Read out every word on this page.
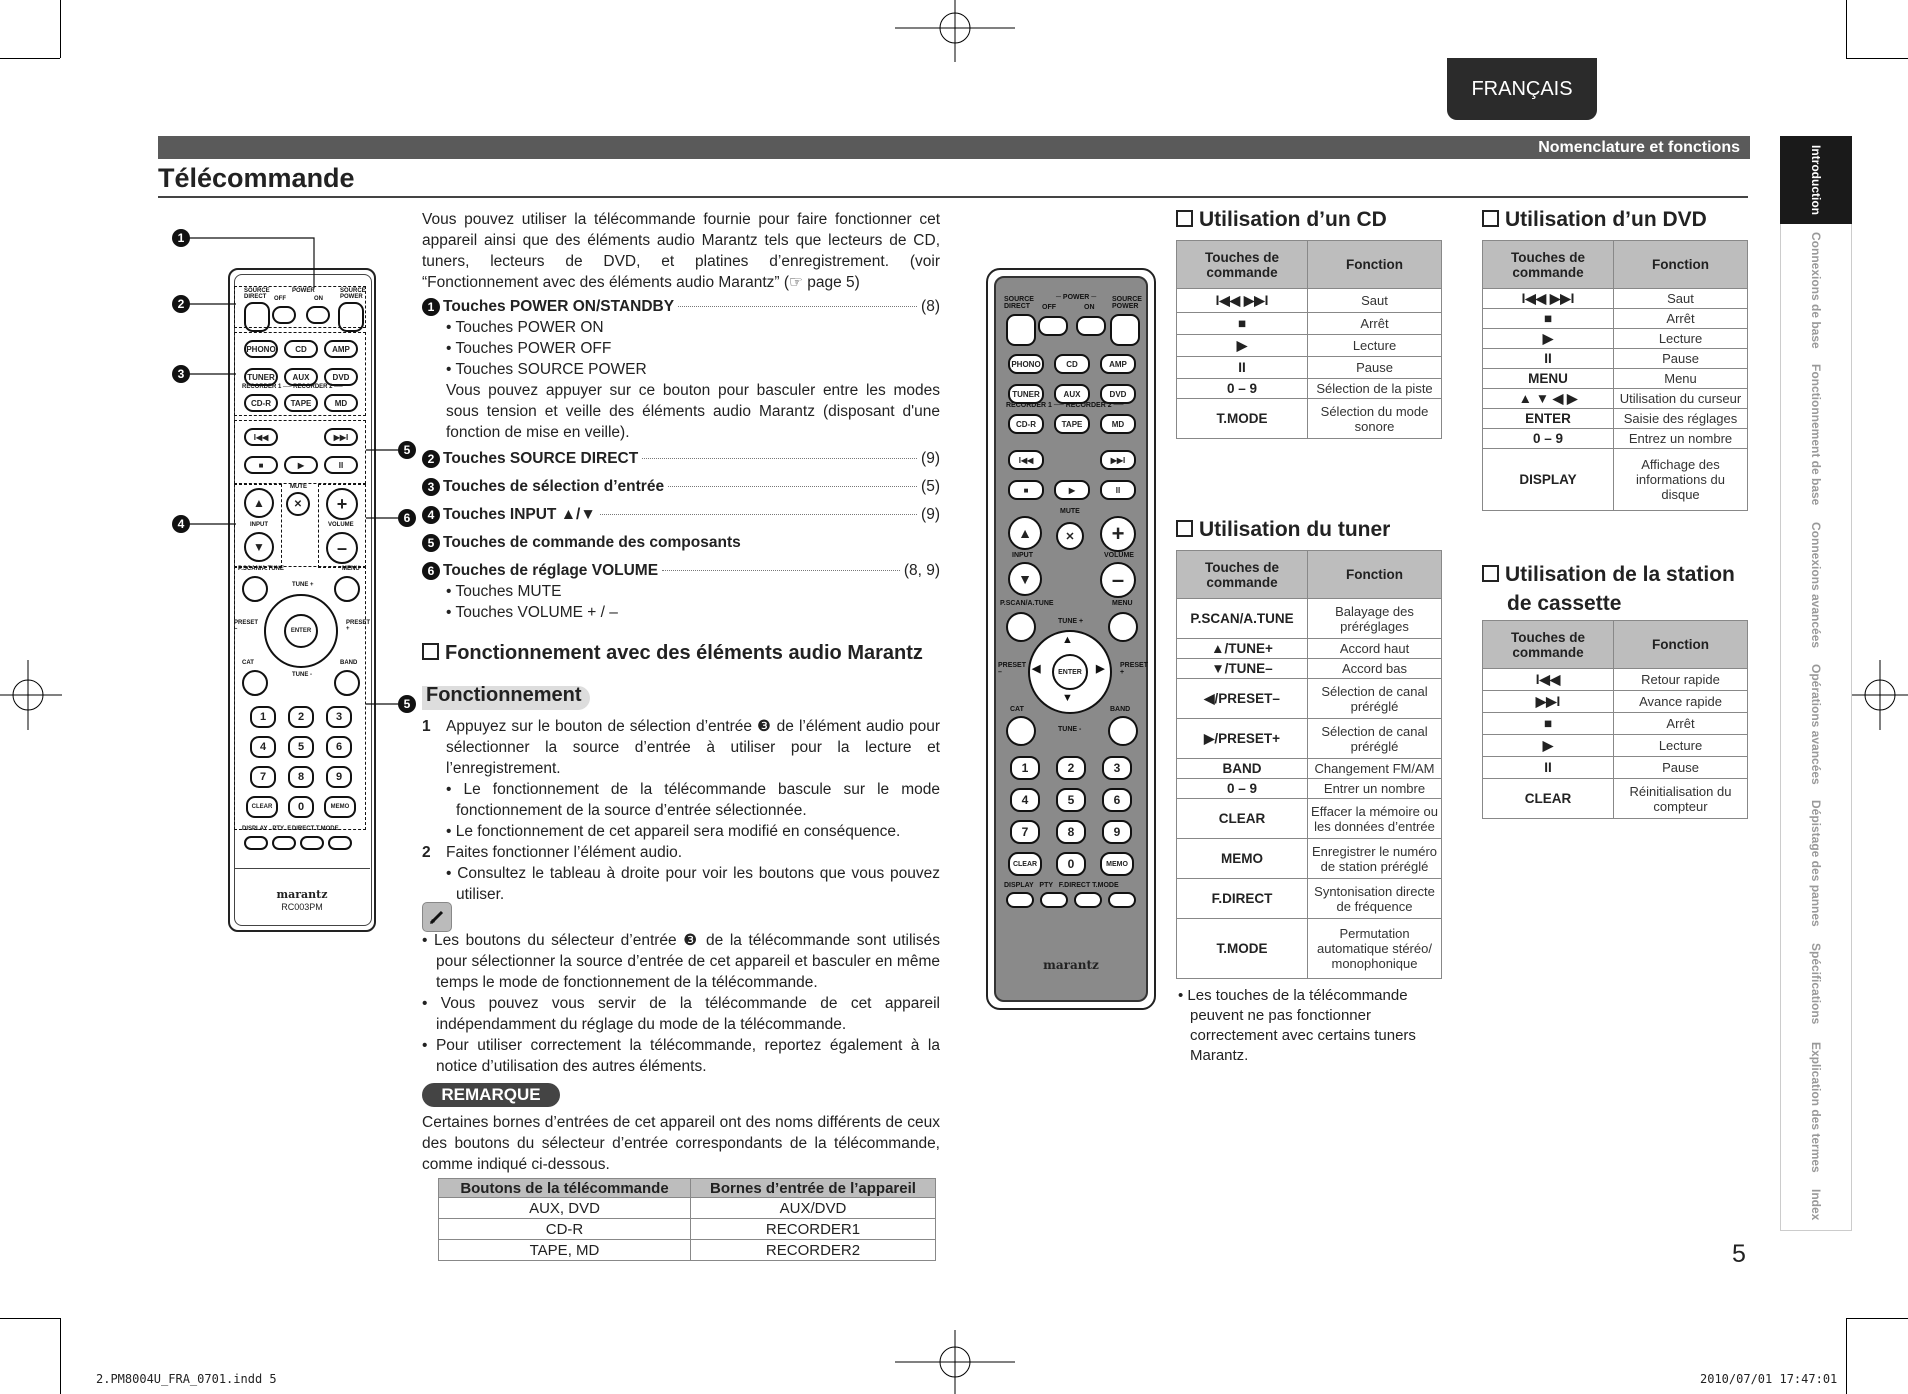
FRANÇAIS
Nomenclature et fonctions
Télécommande	Introduction
Connexions de base
Fonctionnement de base
Connexions avancées
Opérations avancées
Dépistage des pannes
Spécifications
Explication des termes
Index
SOURCE
DIRECT
POWER
OFF	ON
SOURCE
POWER
PHONO	CD	AMP
TUNER	AUX	DVD
RECORDER 1 ── RECORDER 2 ──
CD-R	TAPE	MD
I◀◀	▶▶I
■	▶	II
▲
MUTE
✕	+
INPUT	VOLUME
▼	–
P.SCAN/A.TUNE	MENU
TUNE +
ENTER
PRESET
–
PRESET
+
CAT	BAND
TUNE -
1	2	3
4	5	6
7	8	9
CLEAR	0	MEMO
DISPLAY   PTY  F.DIRECT T.MODE
marantz
RC003PM
1
2
3
4
5
6
5
Vous pouvez utiliser la télécommande fournie pour faire fonctionner cet appareil ainsi que des éléments audio Marantz tels que lecteurs de CD, tuners, lecteurs de DVD, et platines d’enregistrement. (voir “Fonctionnement avec des éléments audio Marantz” (☞ page 5)
1 Touches POWER ON/STANDBY	(8)
• Touches POWER ON
• Touches POWER OFF
• Touches SOURCE POWER
Vous pouvez appuyer sur ce bouton pour basculer entre les modes sous tension et veille des éléments audio Marantz (disposant d'une fonction de mise en veille).
2 Touches SOURCE DIRECT	(9)
3 Touches de sélection d’entrée	(5)
4 Touches INPUT ▲/▼	(9)
5 Touches de commande des composants
6 Touches de réglage VOLUME	(8, 9)
• Touches MUTE
• Touches VOLUME + / –
Fonctionnement avec des éléments audio Marantz
Fonctionnement
1 Appuyez sur le bouton de sélection d’entrée ❸ de l’élément audio pour sélectionner la source d’entrée à utiliser pour la lecture et l’enregistrement.
• Le fonctionnement de la télécommande bascule sur le mode fonctionnement de la source d’entrée sélectionnée.
• Le fonctionnement de cet appareil sera modifié en conséquence.
2 Faites fonctionner l’élément audio.
• Consultez le tableau à droite pour voir les boutons que vous pouvez utiliser.
• Les boutons du sélecteur d’entrée ❸ de la télécommande sont utilisés pour sélectionner la source d’entrée de cet appareil et basculer en même temps le mode de fonctionnement de la télécommande.
• Vous pouvez vous servir de la télécommande de cet appareil indépendamment du réglage du mode de la télécommande.
• Pour utiliser correctement la télécommande, reportez également à la notice d’utilisation des autres éléments.
REMARQUE
Certaines bornes d’entrées de cet appareil ont des noms différents de ceux des boutons du sélecteur d’entrée correspondants de la télécommande, comme indiqué ci-dessous.
Boutons de la télécommande	Bornes d’entrée de l’appareil
AUX, DVD	AUX/DVD
CD-R	RECORDER1
TAPE, MD	RECORDER2
SOURCE
DIRECT
─ POWER ─
OFF	ON
SOURCE
POWER
PHONO	CD	AMP
TUNER	AUX	DVD
RECORDER 1 ── RECORDER 2 ──
CD-R	TAPE	MD
I◀◀	▶▶I
■	▶	II
MUTE
▲	✕	+
INPUT	VOLUME
▼	–
P.SCAN/A.TUNE	MENU
TUNE +
ENTER
◀	▶
▲
▼
PRESET
–
PRESET
+
CAT	BAND
TUNE -
1	2	3
4	5	6
7	8	9
CLEAR	0	MEMO
DISPLAY   PTY   F.DIRECT T.MODE
marantz
Utilisation d’un CD
Touches de commande	Fonction
I◀◀ ▶▶I	Saut
■	Arrêt
▶	Lecture
II	Pause
0 – 9	Sélection de la piste
T.MODE	Sélection du mode sonore
Utilisation du tuner
Touches de commande	Fonction
P.SCAN/A.TUNE	Balayage des préréglages
▲/TUNE+	Accord haut
▼/TUNE–	Accord bas
◀/PRESET–	Sélection de canal préréglé
▶/PRESET+	Sélection de canal préréglé
BAND	Changement FM/AM
0 – 9	Entrer un nombre
CLEAR	Effacer la mémoire ou les données d’entrée
MEMO	Enregistrer le numéro de station préréglé
F.DIRECT	Syntonisation directe de fréquence
T.MODE	Permutation automatique stéréo/ monophonique
• Les touches de la télécommande peuvent ne pas fonctionner correctement avec certains tuners Marantz.
Utilisation d’un DVD
Touches de commande	Fonction
I◀◀ ▶▶I	Saut
■	Arrêt
▶	Lecture
II	Pause
MENU	Menu
▲ ▼ ◀ ▶	Utilisation du curseur
ENTER	Saisie des réglages
0 – 9	Entrez un nombre
DISPLAY	Affichage des informations du disque
Utilisation de la station
de cassette
Touches de commande	Fonction
I◀◀	Retour rapide
▶▶I	Avance rapide
■	Arrêt
▶	Lecture
II	Pause
CLEAR	Réinitialisation du compteur
5
2.PM8004U_FRA_0701.indd 5	2010/07/01 17:47:01
